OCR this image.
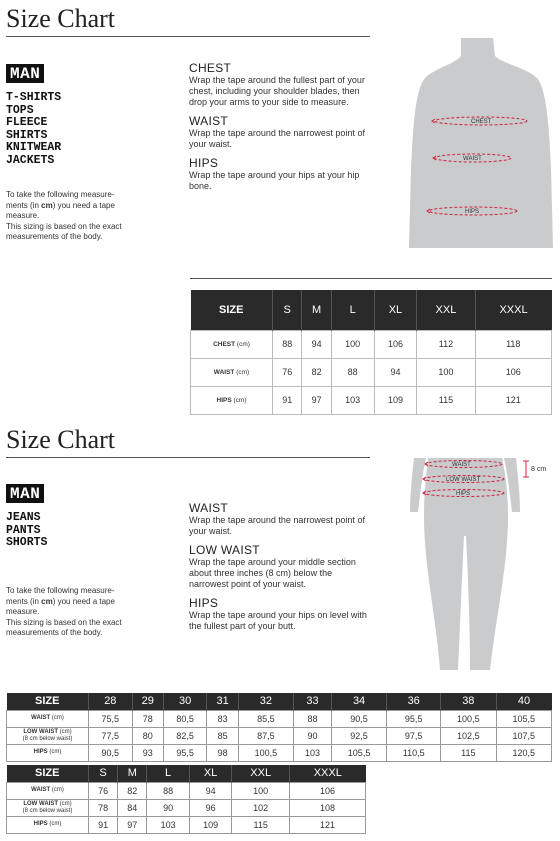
Size Chart
MAN
T-SHIRTS
TOPS
FLEECE
SHIRTS
KNITWEAR
JACKETS
To take the following measure-
ments (in cm) you need a tape
measure.
This sizing is based on the exact measurements of the body.
CHEST
Wrap the tape around the fullest part of your chest, including your shoulder blades, then drop your arms to your side to measure.
WAIST
Wrap the tape around the narrowest point of your waist.
HIPS
Wrap the tape around your hips at your hip bone.
CHEST
WAIST
HIPS
SIZE	S	M	L	XL	XXL	XXXL
CHEST (cm)	88	94	100	106	112	118
WAIST (cm)	76	82	88	94	100	106
HIPS (cm)	91	97	103	109	115	121
Size Chart
MAN
JEANS
PANTS
SHORTS
To take the following measure-
ments (in cm) you need a tape
measure.
This sizing is based on the exact measurements of the body.
WAIST
Wrap the tape around the narrowest point of your waist.
LOW WAIST
Wrap the tape around your middle section about three inches (8 cm) below the narrowest point of your waist.
HIPS
Wrap the tape around your hips on level with the fullest part of your butt.
WAIST
LOW WAIST
HIPS
8 cm
SIZE	28	29	30	31	32	33	34	36	38	40
WAIST (cm)	75,5	78	80,5	83	85,5	88	90,5	95,5	100,5	105,5
LOW WAIST (cm)
(8 cm below waist)	77,5	80	82,5	85	87,5	90	92,5	97,5	102,5	107,5
HIPS (cm)	90,5	93	95,5	98	100,5	103	105,5	110,5	115	120,5
SIZE	S	M	L	XL	XXL	XXXL
WAIST (cm)	76	82	88	94	100	106
LOW WAIST (cm)
(8 cm below waist)	78	84	90	96	102	108
HIPS (cm)	91	97	103	109	115	121
